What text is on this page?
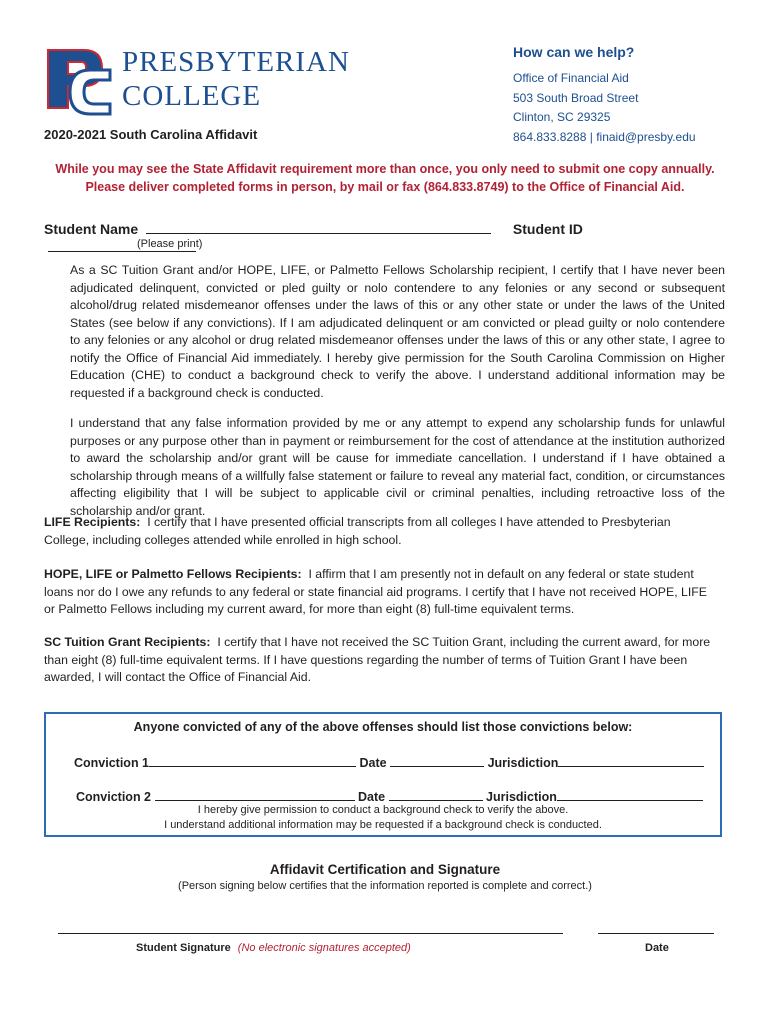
PRESBYTERIAN
COLLEGE
How can we help?
Office of Financial Aid
503 South Broad Street
Clinton, SC 29325
864.833.8288 | finaid@presby.edu
2020-2021 South Carolina Affidavit
While you may see the State Affidavit requirement more than once, you only need to submit one copy annually.
Please deliver completed forms in person, by mail or fax (864.833.8749) to the Office of Financial Aid.
Student Name	Student ID
(Please print)
As a SC Tuition Grant and/or HOPE, LIFE, or Palmetto Fellows Scholarship recipient, I certify that I have never been adjudicated delinquent, convicted or pled guilty or nolo contendere to any felonies or any second or subsequent alcohol/drug related misdemeanor offenses under the laws of this or any other state or under the laws of the United States (see below if any convictions). If I am adjudicated delinquent or am convicted or plead guilty or nolo contendere to any felonies or any alcohol or drug related misdemeanor offenses under the laws of this or any other state, I agree to notify the Office of Financial Aid immediately. I hereby give permission for the South Carolina Commission on Higher Education (CHE) to conduct a background check to verify the above. I understand additional information may be requested if a background check is conducted.
I understand that any false information provided by me or any attempt to expend any scholarship funds for unlawful purposes or any purpose other than in payment or reimbursement for the cost of attendance at the institution authorized to award the scholarship and/or grant will be cause for immediate cancellation. I understand if I have obtained a scholarship through means of a willfully false statement or failure to reveal any material fact, condition, or circumstances affecting eligibility that I will be subject to applicable civil or criminal penalties, including retroactive loss of the scholarship and/or grant.
LIFE Recipients: I certify that I have presented official transcripts from all colleges I have attended to Presbyterian College, including colleges attended while enrolled in high school.
HOPE, LIFE or Palmetto Fellows Recipients: I affirm that I am presently not in default on any federal or state student loans nor do I owe any refunds to any federal or state financial aid programs. I certify that I have not received HOPE, LIFE or Palmetto Fellows including my current award, for more than eight (8) full-time equivalent terms.
SC Tuition Grant Recipients: I certify that I have not received the SC Tuition Grant, including the current award, for more than eight (8) full-time equivalent terms. If I have questions regarding the number of terms of Tuition Grant I have been awarded, I will contact the Office of Financial Aid.
Anyone convicted of any of the above offenses should list those convictions below:
Conviction 1	Date	Jurisdiction
Conviction 2	Date	Jurisdiction
I hereby give permission to conduct a background check to verify the above.
I understand additional information may be requested if a background check is conducted.
Affidavit Certification and Signature
(Person signing below certifies that the information reported is complete and correct.)
Student Signature (No electronic signatures accepted)	Date
